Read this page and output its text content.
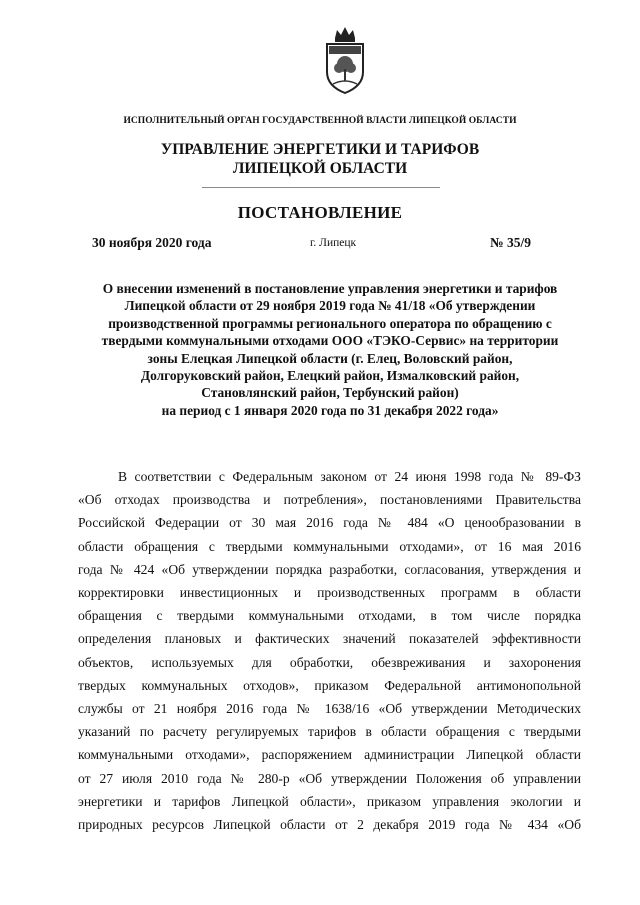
ИСПОЛНИТЕЛЬНЫЙ ОРГАН ГОСУДАРСТВЕННОЙ ВЛАСТИ ЛИПЕЦКОЙ ОБЛАСТИ
УПРАВЛЕНИЕ ЭНЕРГЕТИКИ И ТАРИФОВ
ЛИПЕЦКОЙ ОБЛАСТИ
ПОСТАНОВЛЕНИЕ
30 ноября 2020 года	г. Липецк	№ 35/9
О внесении изменений в постановление управления энергетики и тарифов
Липецкой области от 29 ноября 2019 года № 41/18 «Об утверждении
производственной программы регионального оператора по обращению с
твердыми коммунальными отходами ООО «ТЭКО-Сервис» на территории
зоны Елецкая Липецкой области (г. Елец, Воловский район,
Долгоруковский район, Елецкий район, Измалковский район,
Становлянский район, Тербунский район)
на период с 1 января 2020 года по 31 декабря 2022 года»
В соответствии с Федеральным законом от 24 июня 1998 года № 89-ФЗ
«Об отходах производства и потребления», постановлениями Правительства
Российской Федерации от 30 мая 2016 года № 484 «О ценообразовании в
области обращения с твердыми коммунальными отходами», от 16 мая 2016
года № 424 «Об утверждении порядка разработки, согласования, утверждения и
корректировки инвестиционных и производственных программ в области
обращения с твердыми коммунальными отходами, в том числе порядка
определения плановых и фактических значений показателей эффективности
объектов, используемых для обработки, обезвреживания и захоронения
твердых коммунальных отходов», приказом Федеральной антимонопольной
службы от 21 ноября 2016 года № 1638/16 «Об утверждении Методических
указаний по расчету регулируемых тарифов в области обращения с твердыми
коммунальными отходами», распоряжением администрации Липецкой области
от 27 июля 2010 года № 280-р «Об утверждении Положения об управлении
энергетики и тарифов Липецкой области», приказом управления экологии и
природных ресурсов Липецкой области от 2 декабря 2019 года № 434 «Об
